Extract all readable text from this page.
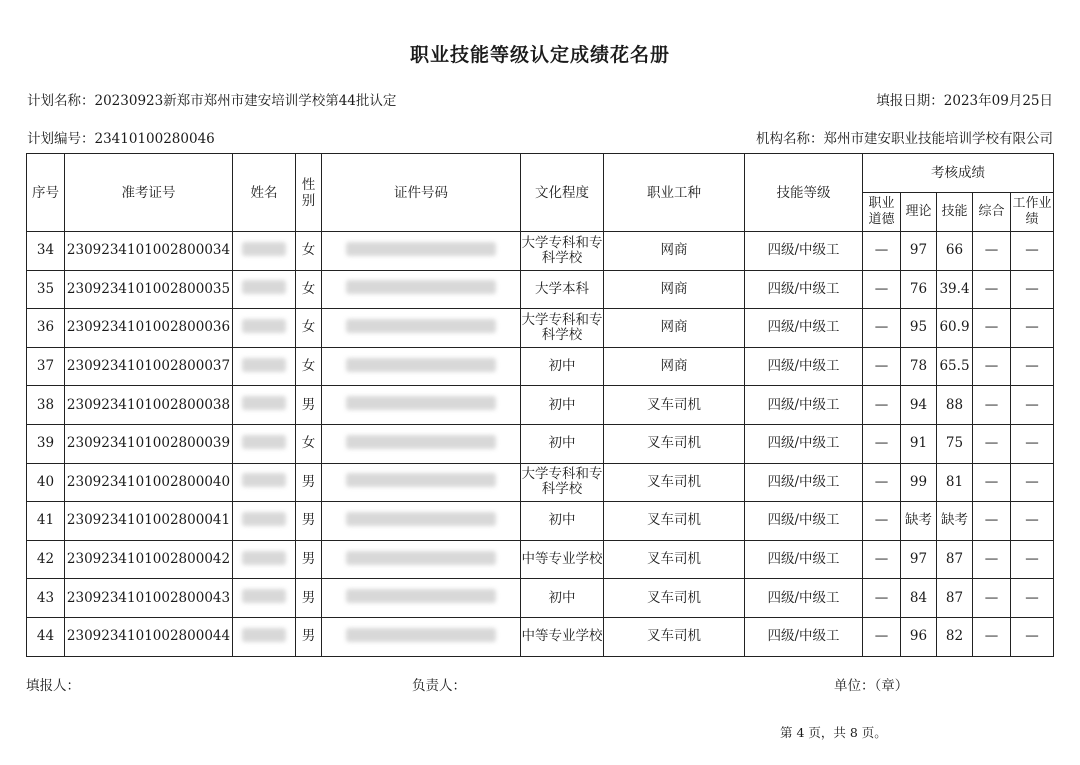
职业技能等级认定成绩花名册
计划名称：20230923新郑市郑州市建安培训学校第44批认定	填报日期：2023年09月25日
计划编号：23410100280046	机构名称：郑州市建安职业技能培训学校有限公司
序号	准考证号	姓名	性别	证件号码	文化程度	职业工种	技能等级	考核成绩				
								职业道德	理论	技能	综合	工作业绩
34	2309234101002800034		女		大学专科和专科学校	网商	四级/中级工	—	97	66	—	—
35	2309234101002800035		女		大学本科	网商	四级/中级工	—	76	39.4	—	—
36	2309234101002800036		女		大学专科和专科学校	网商	四级/中级工	—	95	60.9	—	—
37	2309234101002800037		女		初中	网商	四级/中级工	—	78	65.5	—	—
38	2309234101002800038		男		初中	叉车司机	四级/中级工	—	94	88	—	—
39	2309234101002800039		女		初中	叉车司机	四级/中级工	—	91	75	—	—
40	2309234101002800040		男		大学专科和专科学校	叉车司机	四级/中级工	—	99	81	—	—
41	2309234101002800041		男		初中	叉车司机	四级/中级工	—	缺考	缺考	—	—
42	2309234101002800042		男		中等专业学校	叉车司机	四级/中级工	—	97	87	—	—
43	2309234101002800043		男		初中	叉车司机	四级/中级工	—	84	87	—	—
44	2309234101002800044		男		中等专业学校	叉车司机	四级/中级工	—	96	82	—	—
填报人：	负责人：	单位：（章）
第 4 页，共 8 页。
